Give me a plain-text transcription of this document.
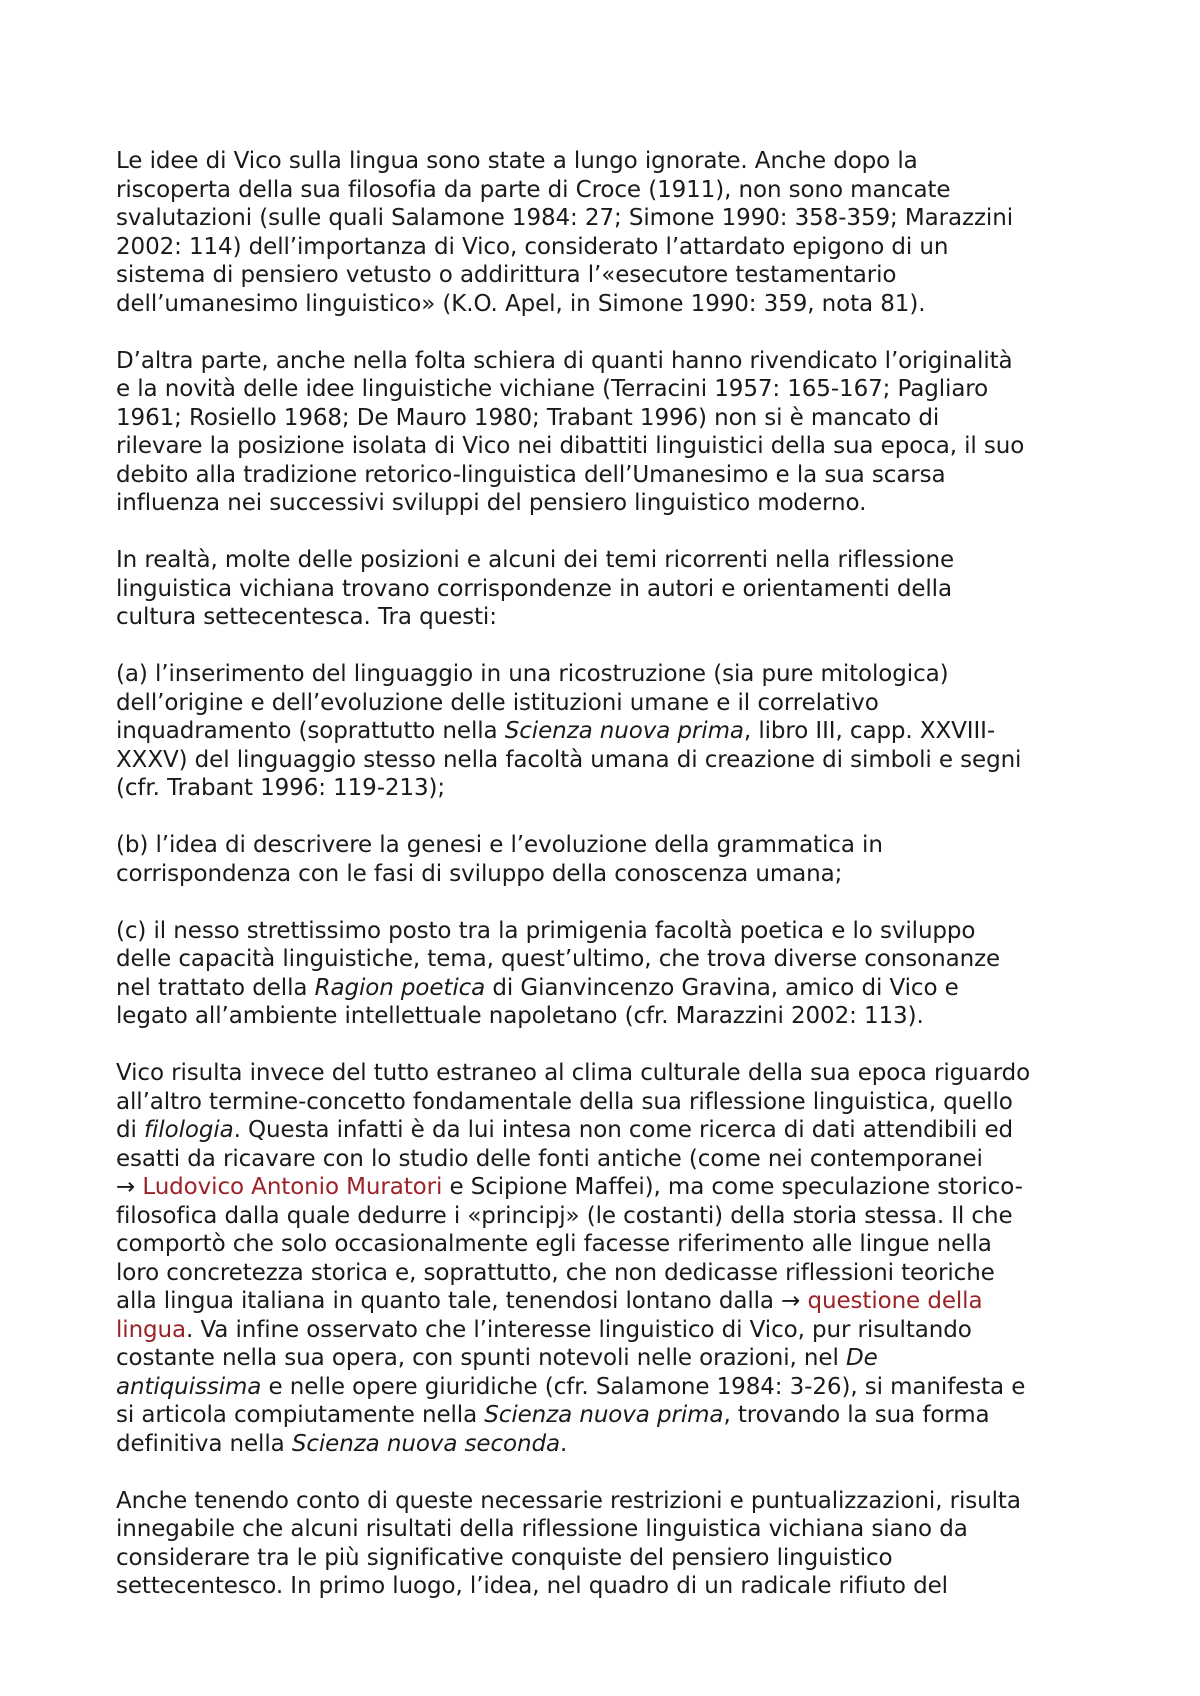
Le idee di Vico sulla lingua sono state a lungo ignorate. Anche dopo la
riscoperta della sua filosofia da parte di Croce (1911), non sono mancate
svalutazioni (sulle quali Salamone 1984: 27; Simone 1990: 358-359; Marazzini
2002: 114) dell’importanza di Vico, considerato l’attardato epigono di un
sistema di pensiero vetusto o addirittura l’«esecutore testamentario
dell’umanesimo linguistico» (K.O. Apel, in Simone 1990: 359, nota 81).
D’altra parte, anche nella folta schiera di quanti hanno rivendicato l’originalità
e la novità delle idee linguistiche vichiane (Terracini 1957: 165-167; Pagliaro
1961; Rosiello 1968; De Mauro 1980; Trabant 1996) non si è mancato di
rilevare la posizione isolata di Vico nei dibattiti linguistici della sua epoca, il suo
debito alla tradizione retorico-linguistica dell’Umanesimo e la sua scarsa
influenza nei successivi sviluppi del pensiero linguistico moderno.
In realtà, molte delle posizioni e alcuni dei temi ricorrenti nella riflessione
linguistica vichiana trovano corrispondenze in autori e orientamenti della
cultura settecentesca. Tra questi:
(a) l’inserimento del linguaggio in una ricostruzione (sia pure mitologica)
dell’origine e dell’evoluzione delle istituzioni umane e il correlativo
inquadramento (soprattutto nella Scienza nuova prima, libro III, capp. XXVIII-
XXXV) del linguaggio stesso nella facoltà umana di creazione di simboli e segni
(cfr. Trabant 1996: 119-213);
(b) l’idea di descrivere la genesi e l’evoluzione della grammatica in
corrispondenza con le fasi di sviluppo della conoscenza umana;
(c) il nesso strettissimo posto tra la primigenia facoltà poetica e lo sviluppo
delle capacità linguistiche, tema, quest’ultimo, che trova diverse consonanze
nel trattato della Ragion poetica di Gianvincenzo Gravina, amico di Vico e
legato all’ambiente intellettuale napoletano (cfr. Marazzini 2002: 113).
Vico risulta invece del tutto estraneo al clima culturale della sua epoca riguardo
all’altro termine-concetto fondamentale della sua riflessione linguistica, quello
di filologia. Questa infatti è da lui intesa non come ricerca di dati attendibili ed
esatti da ricavare con lo studio delle fonti antiche (come nei contemporanei
→ Ludovico Antonio Muratori e Scipione Maffei), ma come speculazione storico-
filosofica dalla quale dedurre i «principj» (le costanti) della storia stessa. Il che
comportò che solo occasionalmente egli facesse riferimento alle lingue nella
loro concretezza storica e, soprattutto, che non dedicasse riflessioni teoriche
alla lingua italiana in quanto tale, tenendosi lontano dalla → questione della
lingua. Va infine osservato che l’interesse linguistico di Vico, pur risultando
costante nella sua opera, con spunti notevoli nelle orazioni, nel De
antiquissima e nelle opere giuridiche (cfr. Salamone 1984: 3-26), si manifesta e
si articola compiutamente nella Scienza nuova prima, trovando la sua forma
definitiva nella Scienza nuova seconda.
Anche tenendo conto di queste necessarie restrizioni e puntualizzazioni, risulta
innegabile che alcuni risultati della riflessione linguistica vichiana siano da
considerare tra le più significative conquiste del pensiero linguistico
settecentesco. In primo luogo, l’idea, nel quadro di un radicale rifiuto del
